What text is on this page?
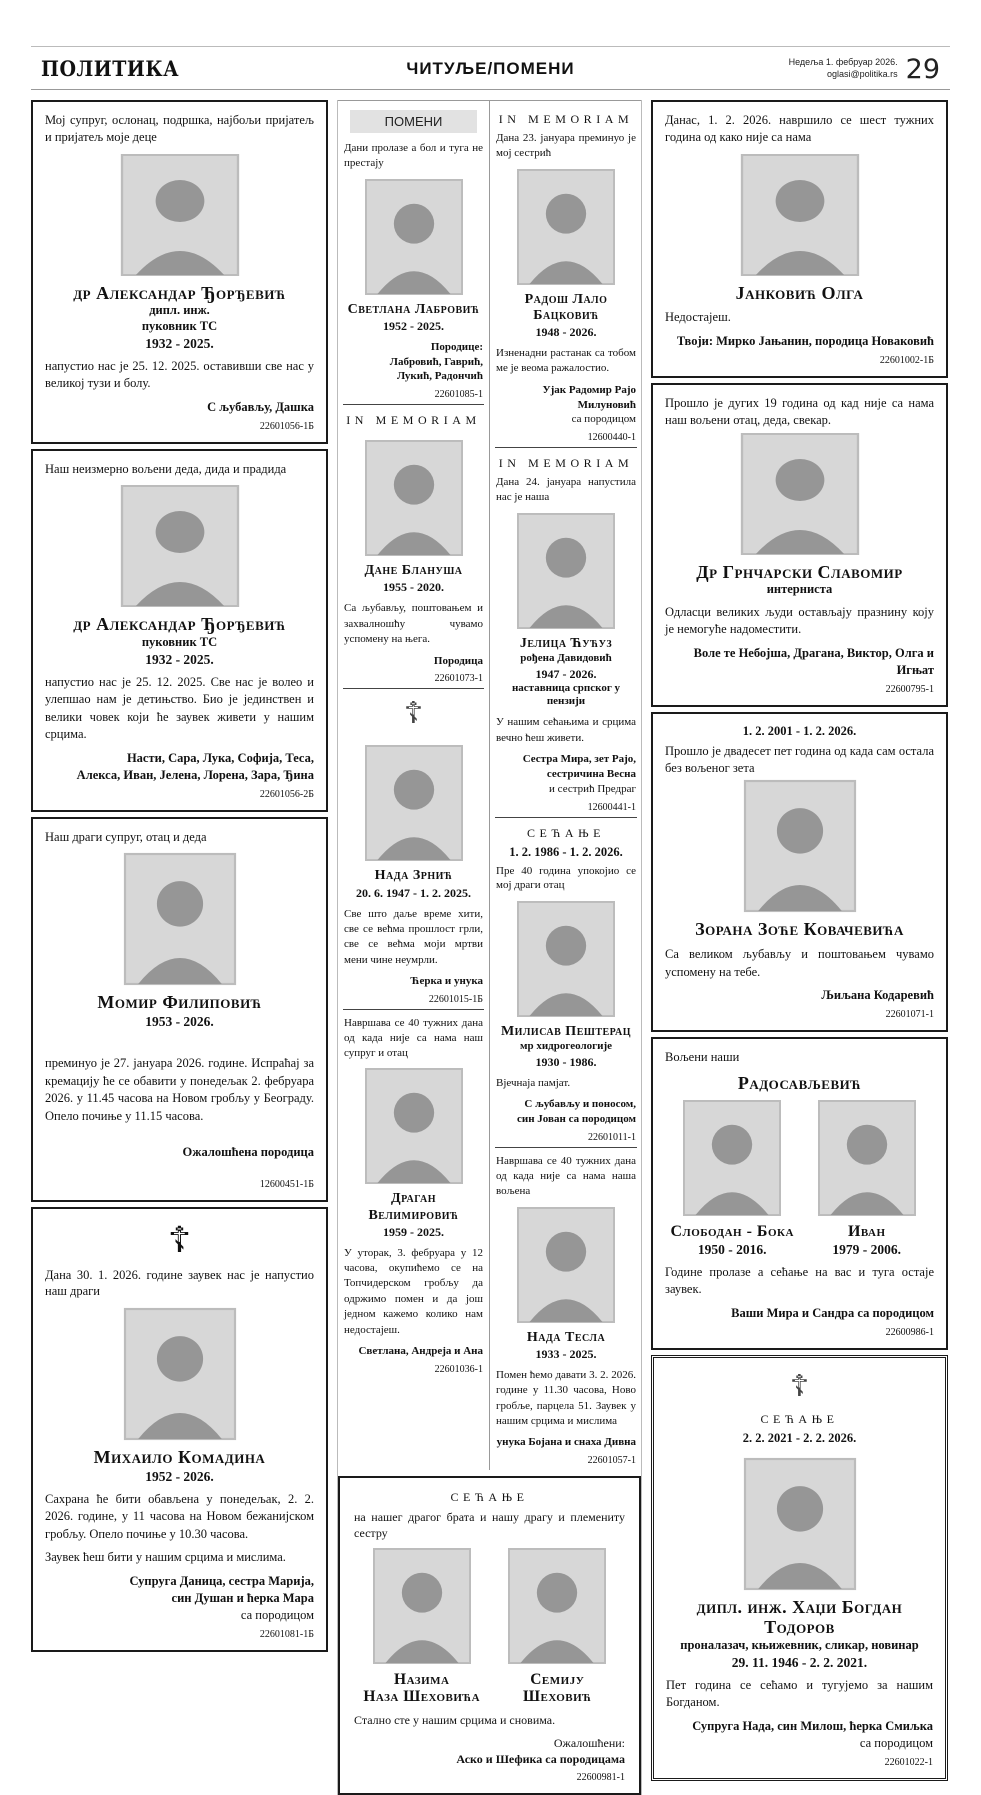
ПОЛИТИКА	ЧИТУЉЕ/ПОМЕНИ	Недеља 1. фебруар 2026.
oglasi@politika.rs 29
Мој супруг, ослонац, подршка, најбољи пријатељ и пријатељ моје деце
др Александар Ђорђевић
дипл. инж.
пуковник ТС
1932 - 2025.
напустио нас је 25. 12. 2025. оставивши све нас у великој тузи и болу.
С љубављу, Дашка
22601056-1Б
Наш неизмерно вољени деда, дида и прадида
др Александар Ђорђевић
пуковник ТС
1932 - 2025.
напустио нас је 25. 12. 2025. Све нас је волео и улепшао нам је детињство. Био је јединствен и велики човек који ће заувек живети у нашим срцима.
Насти, Сара, Лука, Софија, Теса,
Алекса, Иван, Јелена, Лорена, Зара, Ђина
22601056-2Б
Наш драги супруг, отац и деда
Момир Филиповић
1953 - 2026.
преминуо је 27. јануара 2026. године. Испраћај за кремацију ће се обавити у понедељак 2. фебруара 2026. у 11.45 часова на Новом гробљу у Београду. Опело почиње у 11.15 часова.
Ожалошћена породица
12600451-1Б
☦
Дана 30. 1. 2026. године заувек нас је напустио наш драги
Михаило Комадина
1952 - 2026.
Сахрана ће бити обављена у понедељак, 2. 2. 2026. године, у 11 часова на Новом бежанијском гробљу. Опело почиње у 10.30 часова.
Заувек ћеш бити у нашим срцима и мислима.
Супруга Даница, сестра Марија,
син Душан и ћерка Мара
са породицом
22601081-1Б
ПОМЕНИ
Дани пролазе а бол и туга не престају
Светлана Лабровић
1952 - 2025.
Породице:
Лабровић, Гаврић,
Лукић, Радончић
22601085-1
IN MEMORIAM
Дане Блануша
1955 - 2020.
Са љубављу, поштовањем и захвалношћу чувамо успомену на њега.
Породица
22601073-1
☦
Нада Зрнић
20. 6. 1947 - 1. 2. 2025.
Све што даље време хити, све се већма прошлост грли, све се већма моји мртви мени чине неумрли.
Ћерка и унука
22601015-1Б
Навршава се 40 тужних дана од када није са нама наш супруг и отац
Драган Велимировић
1959 - 2025.
У уторак, 3. фебруара у 12 часова, окупићемо се на Топчидерском гробљу да одржимо помен и да још једном кажемо колико нам недостајеш.
Светлана, Андреја и Ана
22601036-1
IN MEMORIAM
Дана 23. јануара преминуо је мој сестрић
Радош Лало Бацковић
1948 - 2026.
Изненадни растанак са тобом ме је веома ражалостио.
Ујак Радомир Рајо Милуновић
са породицом
12600440-1
IN MEMORIAM
Дана 24. јануара напустила нас је наша
Јелица Ћућуз
рођена Давидовић
1947 - 2026.
наставница српског у пензији
У нашим сећањима и срцима вечно ћеш живети.
Сестра Мира, зет Рајо,
сестричина Весна
и сестрић Предраг
12600441-1
СЕЋАЊЕ
1. 2. 1986 - 1. 2. 2026.
Пре 40 година упокојио се мој драги отац
Милисав Пештерац
мр хидрогеологије
1930 - 1986.
Вјечнаја памјат.
С љубављу и поносом,
син Јован са породицом
22601011-1
Навршава се 40 тужних дана од када није са нама наша вољена
Нада Тесла
1933 - 2025.
Помен ћемо давати 3. 2. 2026. године у 11.30 часова, Ново гробље, парцела 51. Заувек у нашим срцима и мислима
унука Бојана и снаха Дивна
22601057-1
СЕЋАЊЕ
на нашег драгог брата и нашу драгу и племениту сестру
Назима
Наза Шеховића
Семију
Шеховић
Стално сте у нашим срцима и сновима.
Ожалошћени:
Аско и Шефика са породицама
22600981-1
Данас, 1. 2. 2026. навршило се шест тужних година од како није са нама
Јанковић Олга
Недостајеш.
Твоји: Мирко Јањанин, породица Новаковић
22601002-1Б
Прошло је дугих 19 година од кад није са нама наш вољени отац, деда, свекар.
Др Грнчарски Славомир
интерниста
Одласци великих људи остављају празнину коју је немогуће надоместити.
Воле те Небојша, Драгана, Виктор, Олга и Игњат
22600795-1
1. 2. 2001 - 1. 2. 2026.
Прошло је двадесет пет година од када сам остала без вољеног зета
Зорана Зоће Ковачевића
Са великом љубављу и поштовањем чувамо успомену на тебе.
Љиљана Кодаревић
22601071-1
Вољени наши
Радосављевић
Слободан - Бока
1950 - 2016.
Иван
1979 - 2006.
Године пролазе а сећање на вас и туга остаје заувек.
Ваши Мира и Сандра са породицом
22600986-1
☦
СЕЋАЊЕ
2. 2. 2021 - 2. 2. 2026.
дипл. инж. Хаџи Богдан Тодоров
проналазач, књижевник, сликар, новинар
29. 11. 1946 - 2. 2. 2021.
Пет година се сећамо и тугујемо за нашим Богданом.
Супруга Нада, син Милош, ћерка Смиљка
са породицом
22601022-1
